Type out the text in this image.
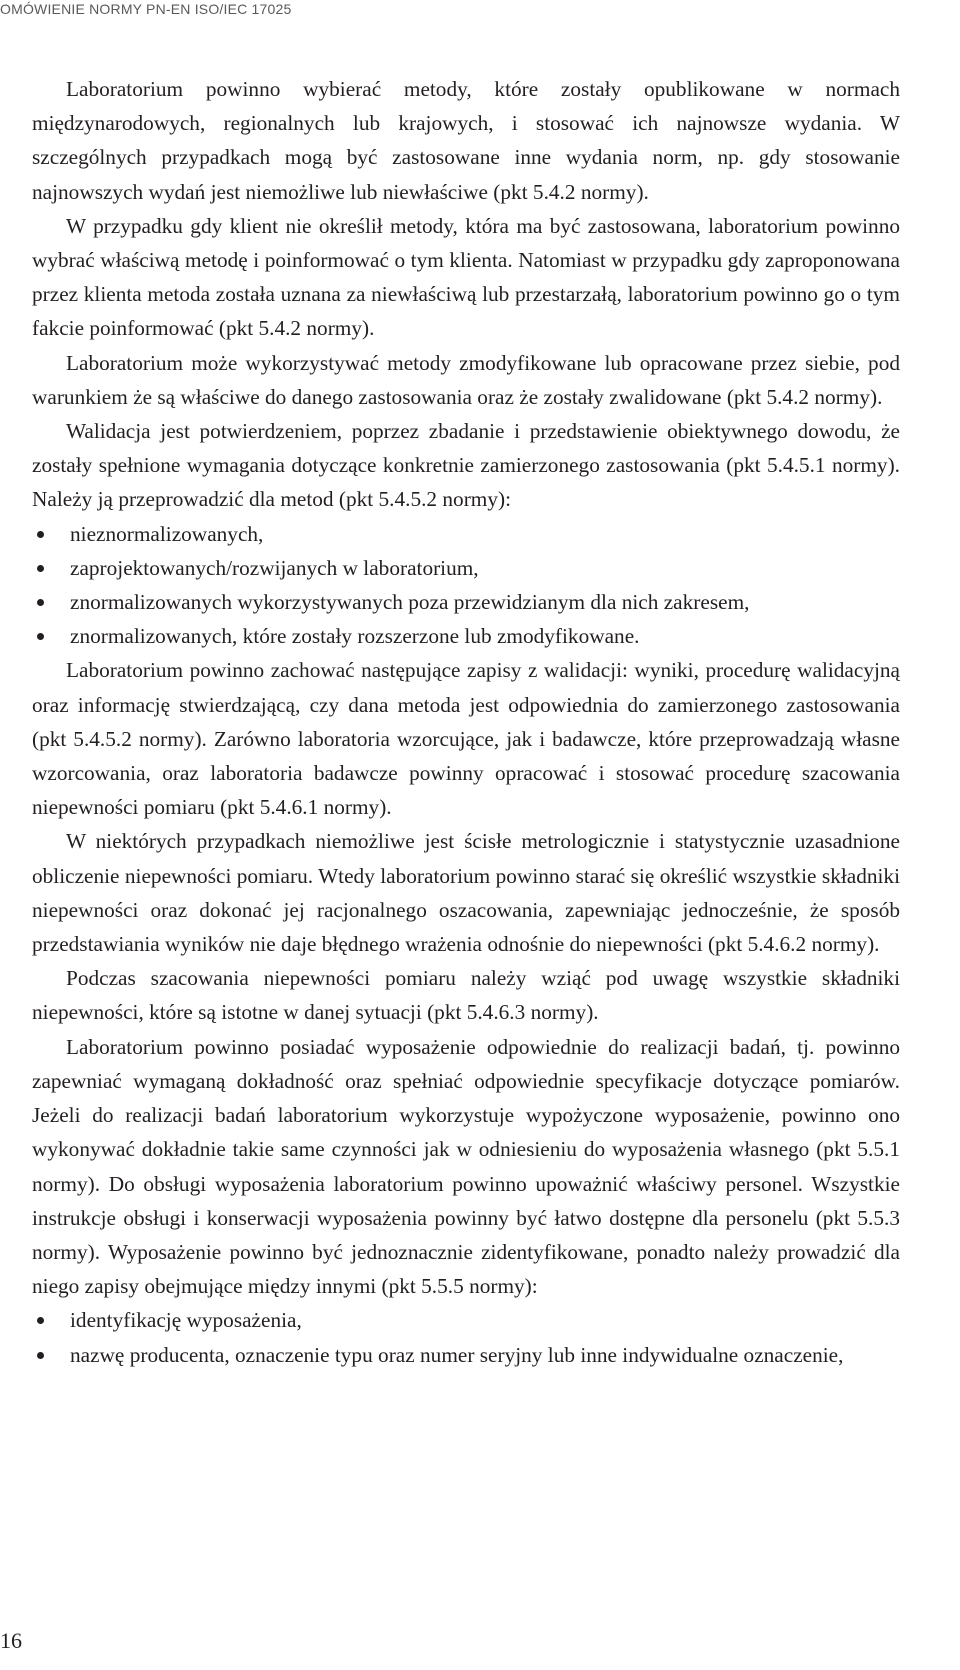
OMÓWIENIE NORMY PN-EN ISO/IEC 17025

Laboratorium powinno wybierać metody, które zostały opublikowane w normach międzynarodowych, regionalnych lub krajowych, i stosować ich najnowsze wydania. W szczególnych przypadkach mogą być zastosowane inne wydania norm, np. gdy stosowanie najnowszych wydań jest niemożliwe lub niewłaściwe (pkt 5.4.2 normy).

W przypadku gdy klient nie określił metody, która ma być zastosowana, laboratorium powinno wybrać właściwą metodę i poinformować o tym klienta. Natomiast w przypadku gdy zaproponowana przez klienta metoda została uznana za niewłaściwą lub przestarzałą, laboratorium powinno go o tym fakcie poinformować (pkt 5.4.2 normy).

Laboratorium może wykorzystywać metody zmodyfikowane lub opracowane przez siebie, pod warunkiem że są właściwe do danego zastosowania oraz że zostały zwalidowane (pkt 5.4.2 normy).

Walidacja jest potwierdzeniem, poprzez zbadanie i przedstawienie obiektywnego dowodu, że zostały spełnione wymagania dotyczące konkretnie zamierzonego zastosowania (pkt 5.4.5.1 normy). Należy ją przeprowadzić dla metod (pkt 5.4.5.2 normy):

nieznormalizowanych,
zaprojektowanych/rozwijanych w laboratorium,
znormalizowanych wykorzystywanych poza przewidzianym dla nich zakresem,
znormalizowanych, które zostały rozszerzone lub zmodyfikowane.

Laboratorium powinno zachować następujące zapisy z walidacji: wyniki, procedurę walidacyjną oraz informację stwierdzającą, czy dana metoda jest odpowiednia do zamierzonego zastosowania (pkt 5.4.5.2 normy). Zarówno laboratoria wzorcujące, jak i badawcze, które przeprowadzają własne wzorcowania, oraz laboratoria badawcze powinny opracować i stosować procedurę szacowania niepewności pomiaru (pkt 5.4.6.1 normy).

W niektórych przypadkach niemożliwe jest ścisłe metrologicznie i statystycznie uzasadnione obliczenie niepewności pomiaru. Wtedy laboratorium powinno starać się określić wszystkie składniki niepewności oraz dokonać jej racjonalnego oszacowania, zapewniając jednocześnie, że sposób przedstawiania wyników nie daje błędnego wrażenia odnośnie do niepewności (pkt 5.4.6.2 normy).

Podczas szacowania niepewności pomiaru należy wziąć pod uwagę wszystkie składniki niepewności, które są istotne w danej sytuacji (pkt 5.4.6.3 normy).

Laboratorium powinno posiadać wyposażenie odpowiednie do realizacji badań, tj. powinno zapewniać wymaganą dokładność oraz spełniać odpowiednie specyfikacje dotyczące pomiarów. Jeżeli do realizacji badań laboratorium wykorzystuje wypożyczone wyposażenie, powinno ono wykonywać dokładnie takie same czynności jak w odniesieniu do wyposażenia własnego (pkt 5.5.1 normy). Do obsługi wyposażenia laboratorium powinno upoważnić właściwy personel. Wszystkie instrukcje obsługi i konserwacji wyposażenia powinny być łatwo dostępne dla personelu (pkt 5.5.3 normy). Wyposażenie powinno być jednoznacznie zidentyfikowane, ponadto należy prowadzić dla niego zapisy obejmujące między innymi (pkt 5.5.5 normy):

identyfikację wyposażenia,
nazwę producenta, oznaczenie typu oraz numer seryjny lub inne indywidualne oznaczenie,
16
